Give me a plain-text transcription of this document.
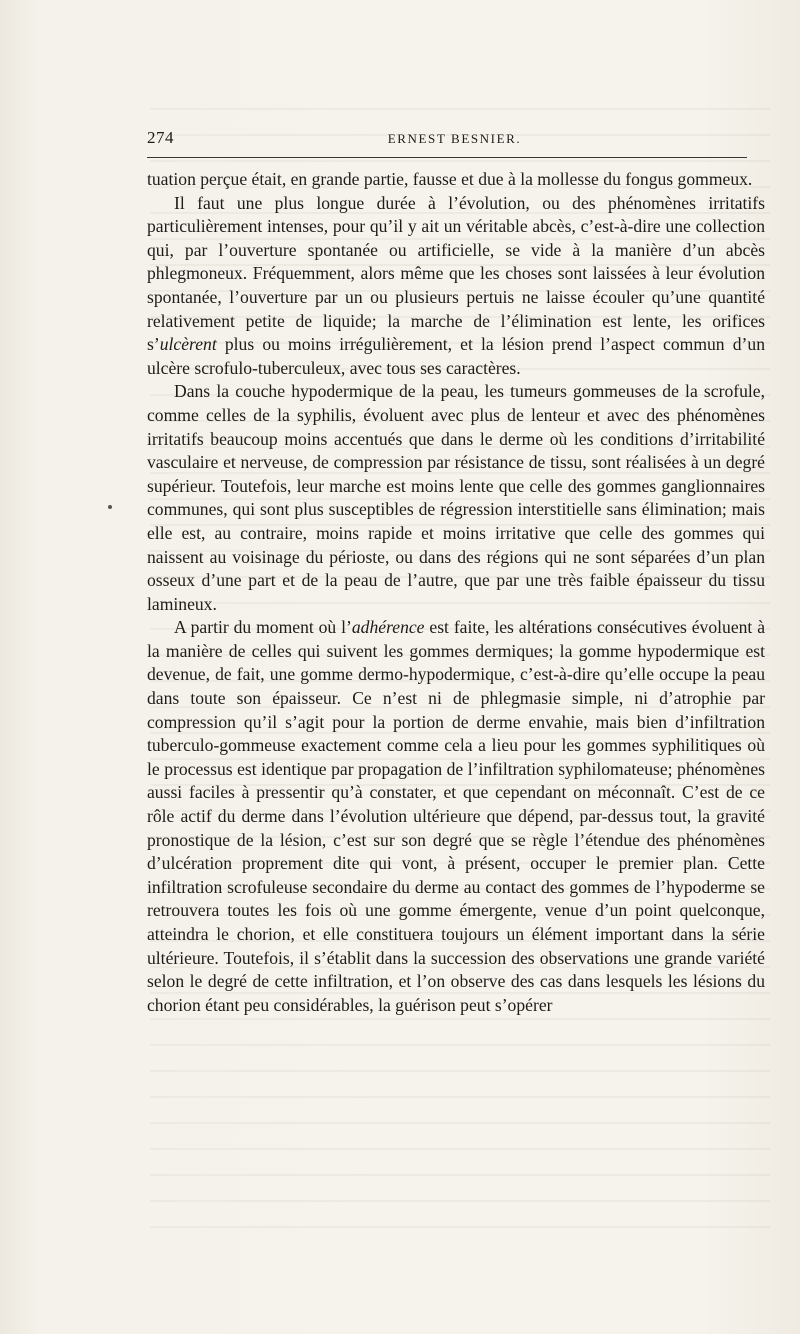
274	ERNEST BESNIER.

tuation perçue était, en grande partie, fausse et due à la mollesse du fongus gommeux.

Il faut une plus longue durée à l’évolution, ou des phénomènes irritatifs particulièrement intenses, pour qu’il y ait un véritable abcès, c’est-à-dire une collection qui, par l’ouverture spontanée ou artificielle, se vide à la manière d’un abcès phlegmoneux. Fréquemment, alors même que les choses sont laissées à leur évolution spontanée, l’ouverture par un ou plusieurs pertuis ne laisse écouler qu’une quantité relativement petite de liquide; la marche de l’élimination est lente, les orifices s’ulcèrent plus ou moins irrégulièrement, et la lésion prend l’aspect commun d’un ulcère scrofulo-tuberculeux, avec tous ses caractères.

Dans la couche hypodermique de la peau, les tumeurs gommeuses de la scrofule, comme celles de la syphilis, évoluent avec plus de lenteur et avec des phénomènes irritatifs beaucoup moins accentués que dans le derme où les conditions d’irritabilité vasculaire et nerveuse, de compression par résistance de tissu, sont réalisées à un degré supérieur. Toutefois, leur marche est moins lente que celle des gommes ganglionnaires communes, qui sont plus susceptibles de régression interstitielle sans élimination; mais elle est, au contraire, moins rapide et moins irritative que celle des gommes qui naissent au voisinage du périoste, ou dans des régions qui ne sont séparées d’un plan osseux d’une part et de la peau de l’autre, que par une très faible épaisseur du tissu lamineux.

A partir du moment où l’adhérence est faite, les altérations consécutives évoluent à la manière de celles qui suivent les gommes dermiques; la gomme hypodermique est devenue, de fait, une gomme dermo-hypodermique, c’est-à-dire qu’elle occupe la peau dans toute son épaisseur. Ce n’est ni de phlegmasie simple, ni d’atrophie par compression qu’il s’agit pour la portion de derme envahie, mais bien d’infiltration tuberculo-gommeuse exactement comme cela a lieu pour les gommes syphilitiques où le processus est identique par propagation de l’infiltration syphilomateuse; phénomènes aussi faciles à pressentir qu’à constater, et que cependant on méconnaît. C’est de ce rôle actif du derme dans l’évolution ultérieure que dépend, par-dessus tout, la gravité pronostique de la lésion, c’est sur son degré que se règle l’étendue des phénomènes d’ulcération proprement dite qui vont, à présent, occuper le premier plan. Cette infiltration scrofuleuse secondaire du derme au contact des gommes de l’hypoderme se retrouvera toutes les fois où une gomme émergente, venue d’un point quelconque, atteindra le chorion, et elle constituera toujours un élément important dans la série ultérieure. Toutefois, il s’établit dans la succession des observations une grande variété selon le degré de cette infiltration, et l’on observe des cas dans lesquels les lésions du chorion étant peu considérables, la guérison peut s’opérer
